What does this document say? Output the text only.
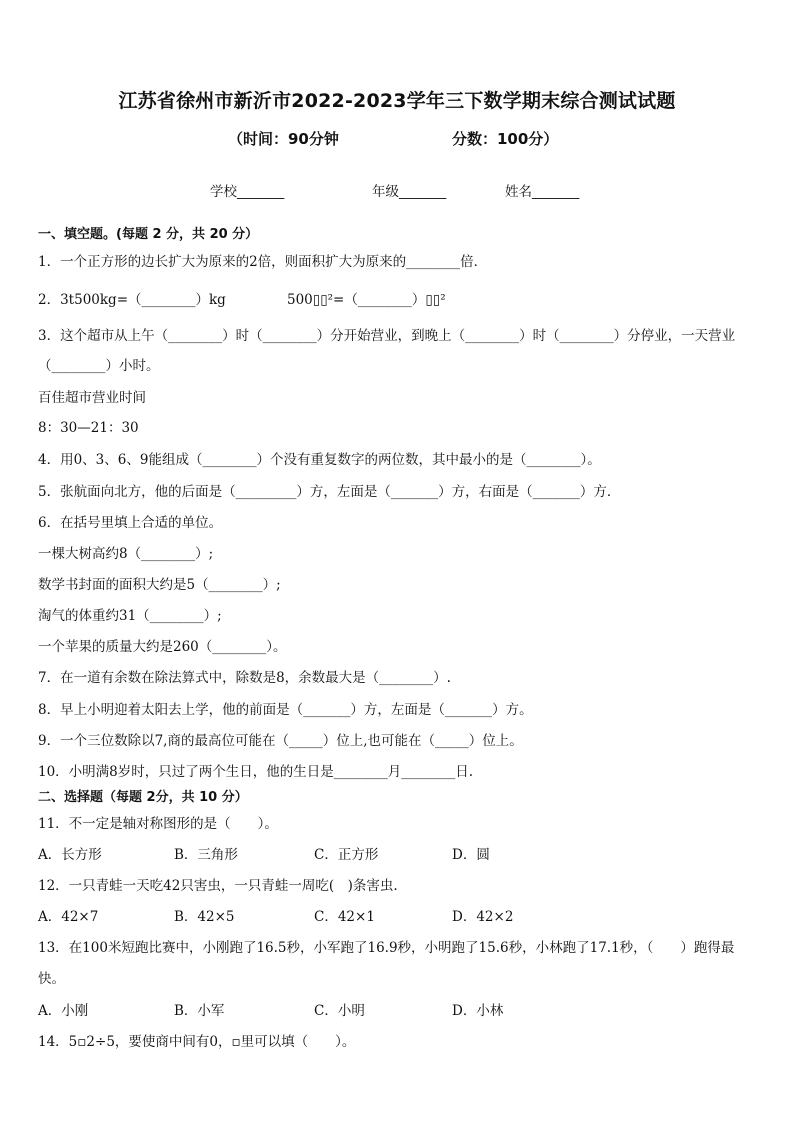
江苏省徐州市新沂市2022-2023学年三下数学期末综合测试试题
（时间：90分钟	分数：100分）
学校_______	年级_______	姓名_______
一、填空题。(每题 2 分，共 20 分）
1．一个正方形的边长扩大为原来的2倍，则面积扩大为原来的________倍．
2．3t500kg=（________）kg	500▯▯²=（________）▯▯²
3．这个超市从上午（________）时（________）分开始营业，到晚上（________）时（________）分停业，一天营业
（________）小时。
百佳超市营业时间
8：30—21：30
4．用0、3、6、9能组成（________）个没有重复数字的两位数，其中最小的是（________）。
5．张航面向北方，他的后面是（_________）方，左面是（_______）方，右面是（_______）方．
6．在括号里填上合适的单位。
一棵大树高约8（________）;
数学书封面的面积大约是5（________）;
淘气的体重约31（________）;
一个苹果的质量大约是260（________）。
7．在一道有余数在除法算式中，除数是8，余数最大是（________）.
8．早上小明迎着太阳去上学，他的前面是（_______）方，左面是（_______）方。
9．一个三位数除以7,商的最高位可能在（_____）位上,也可能在（_____）位上。
10．小明满8岁时，只过了两个生日，他的生日是________月________日.
二、选择题（每题 2分，共 10 分）
11．不一定是轴对称图形的是（　　）。
A．长方形	B．三角形	C．正方形	D．圆
12．一只青蛙一天吃42只害虫，一只青蛙一周吃(　)条害虫.
A．42×7	B．42×5	C．42×1	D．42×2
13．在100米短跑比赛中，小刚跑了16.5秒，小军跑了16.9秒，小明跑了15.6秒，小林跑了17.1秒，（　　）跑得最
快。
A．小刚	B．小军	C．小明	D．小林
14．5▫2÷5，要使商中间有0，▫里可以填（　　）。
